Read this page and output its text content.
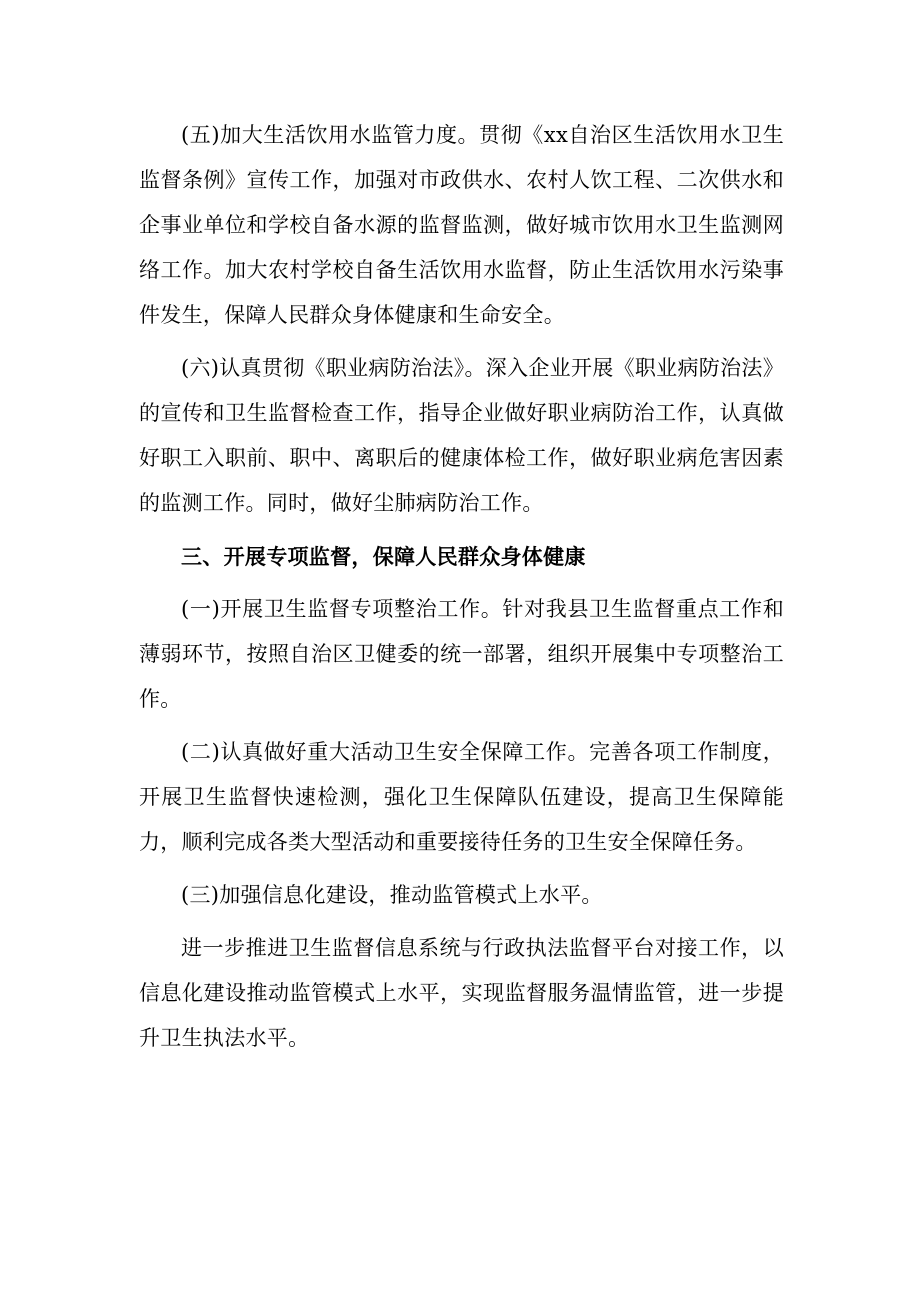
(五)加大生活饮用水监管力度。贯彻《xx自治区生活饮用水卫生监督条例》宣传工作，加强对市政供水、农村人饮工程、二次供水和企事业单位和学校自备水源的监督监测，做好城市饮用水卫生监测网络工作。加大农村学校自备生活饮用水监督，防止生活饮用水污染事件发生，保障人民群众身体健康和生命安全。

(六)认真贯彻《职业病防治法》。深入企业开展《职业病防治法》的宣传和卫生监督检查工作，指导企业做好职业病防治工作，认真做好职工入职前、职中、离职后的健康体检工作，做好职业病危害因素的监测工作。同时，做好尘肺病防治工作。

三、开展专项监督，保障人民群众身体健康

(一)开展卫生监督专项整治工作。针对我县卫生监督重点工作和薄弱环节，按照自治区卫健委的统一部署，组织开展集中专项整治工作。

(二)认真做好重大活动卫生安全保障工作。完善各项工作制度，开展卫生监督快速检测，强化卫生保障队伍建设，提高卫生保障能力，顺利完成各类大型活动和重要接待任务的卫生安全保障任务。

(三)加强信息化建设，推动监管模式上水平。

进一步推进卫生监督信息系统与行政执法监督平台对接工作，以信息化建设推动监管模式上水平，实现监督服务温情监管，进一步提升卫生执法水平。
